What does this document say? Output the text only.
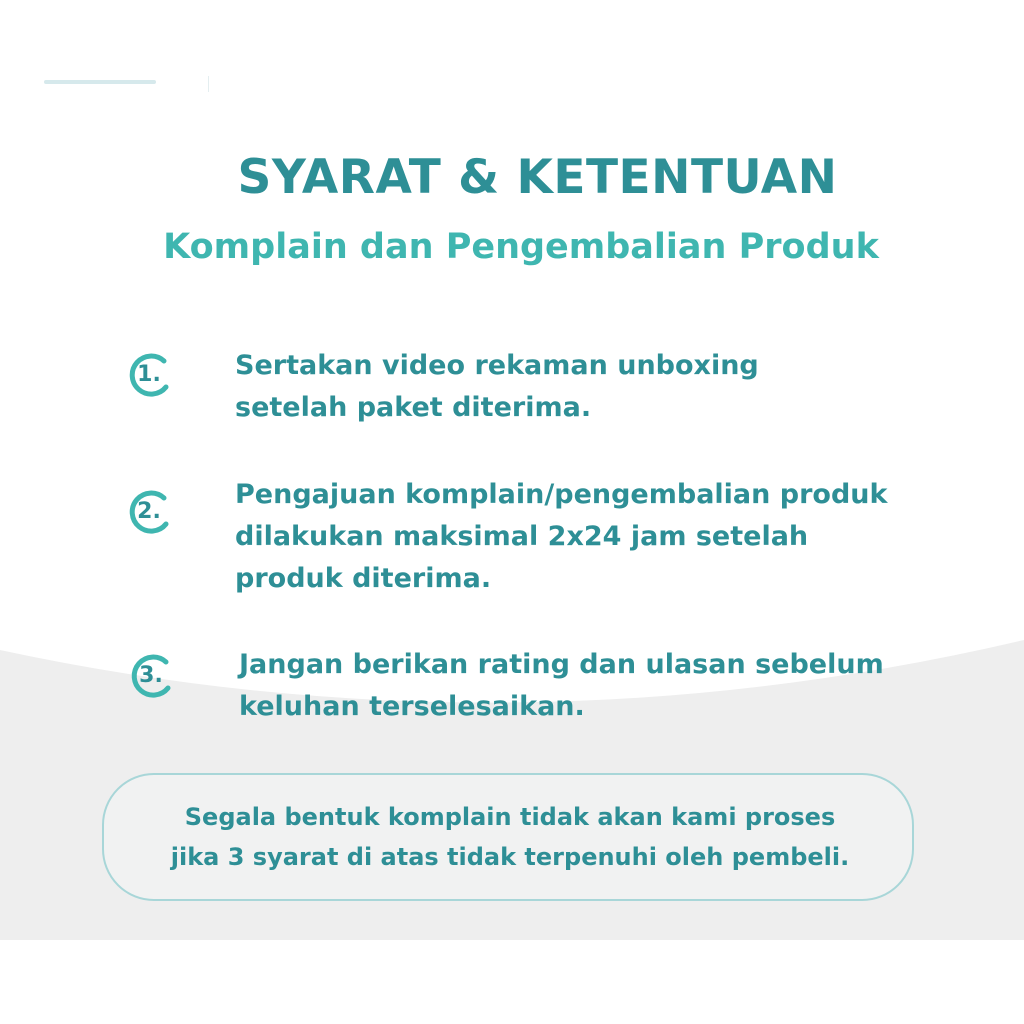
SYARAT & KETENTUAN
Komplain dan Pengembalian Produk
1.	Sertakan video rekaman unboxing
setelah paket diterima.

2.

Pengajuan komplain/pengembalian produk
dilakukan maksimal 2x24 jam setelah
produk diterima.

3.	Jangan berikan rating dan ulasan sebelum
keluhan terselesaikan.

Segala bentuk komplain tidak akan kami proses
jika 3 syarat di atas tidak terpenuhi oleh pembeli.
